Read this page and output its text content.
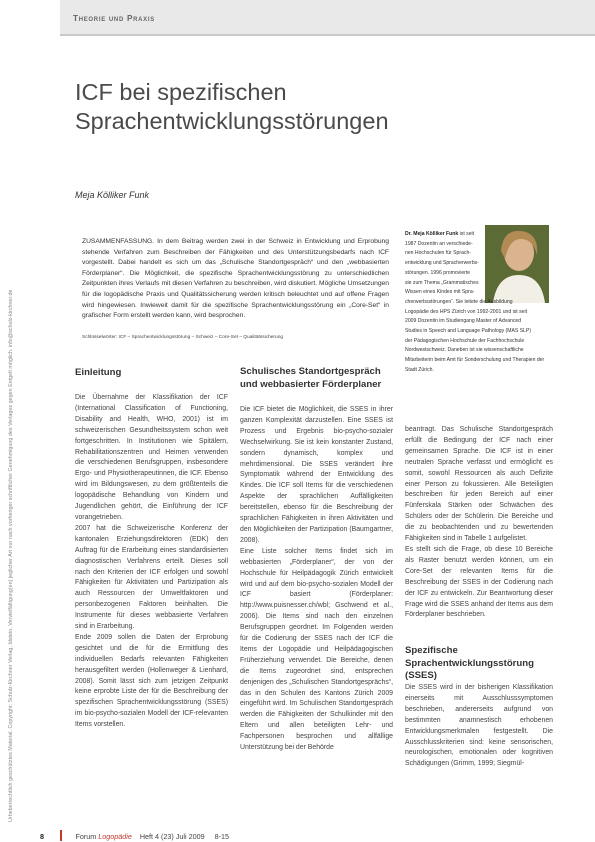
Urheberrechtlich geschütztes Material. Copyright: Schulz-Kirchner Verlag, Idstein. Vervielfältigung(en) jeglicher Art nur nach vorheriger schriftlicher Genehmigung des Verlages gegen Entgelt möglich. info@schulz-kirchner.de
Theorie und Praxis
ICF bei spezifischen
Sprachentwicklungsstörungen
Meja Kölliker Funk
ZUSAMMENFASSUNG. In dem Beitrag werden zwei in der Schweiz in Entwicklung und Erprobung stehende Verfahren zum Beschreiben der Fähigkeiten und des Unterstützungsbedarfs nach ICF vorgestellt. Dabei handelt es sich um das „Schulische Standortgespräch“ und den „webbasierten Förderplaner“. Die Möglichkeit, die spezifische Sprachentwicklungsstörung zu unterschiedlichen Zeitpunkten ihres Verlaufs mit diesen Verfahren zu beschreiben, wird diskutiert. Mögliche Umsetzungen für die logopädische Praxis und Qualitätssicherung werden kritisch beleuchtet und auf offene Fragen wird hingewiesen. Inwieweit damit für die spezifische Sprachentwicklungsstörung ein „Core-Set“ in grafischer Form erstellt werden kann, wird besprochen.
Schlüsselwörter: ICF – Sprachentwicklungsstörung – Schweiz – Core-Set – Qualitätssicherung
Dr. Meja Kölliker Funk ist seit
1987 Dozentin an verschiede-
nen Hochschulen für Sprach-
entwicklung und Spracherwerbs-
störungen. 1996 promovierte
sie zum Thema „Grammatisches
Wissen eines Kindes mit Spra-
cherwerbsstörungen“. Sie leitete die Ausbildung
Logopädie des HPS Zürich von 1992-2001 und ist seit
2009 Dozentin im Studiengang Master of Advanced
Studies in Speech and Language Pathology (MAS SLP)
der Pädagogischen Hochschule der Fachhochschule
Nordwestschweiz. Daneben ist sie wissenschaftliche
Mitarbeiterin beim Amt für Sonderschulung und Therapien der Stadt Zürich.
Einleitung

Die Übernahme der Klassifikation der ICF (International Classification of Functioning, Disability and Health, WHO, 2001) ist im schweizerischen Gesundheitssystem schon weit fortgeschritten. In Institutionen wie Spitälern, Rehabilitationszentren und Heimen verwenden die verschiedenen Berufsgruppen, insbesondere Ergo- und Physiotherapeutinnen, die ICF. Ebenso wird im Bildungswesen, zu dem größtenteils die logopädische Behandlung von Kindern und Jugendlichen gehört, die Einführung der ICF vorangetrieben.

2007 hat die Schweizerische Konferenz der kantonalen Erziehungsdirektoren (EDK) den Auftrag für die Erarbeitung eines standardisierten diagnostischen Verfahrens erteilt. Dieses soll nach den Kriterien der ICF erfolgen und sowohl Fähigkeiten für Aktivitäten und Partizipation als auch Ressourcen der Umweltfaktoren und personbezogenen Faktoren beinhalten. Die Instrumente für dieses webbasierte Verfahren sind in Erarbeitung.

Ende 2009 sollen die Daten der Erprobung gesichtet und die für die Ermittlung des individuellen Bedarfs relevanten Fähigkeiten herausgefiltert werden (Hollenweger & Lienhard, 2008). Somit lässt sich zum jetzigen Zeitpunkt keine erprobte Liste der für die Beschreibung der spezifischen Sprachentwicklungsstörung (SSES) im bio-psycho-sozialen Modell der ICF-relevanten Items vorstellen.

Schulisches Standortgespräch und webbasierter Förderplaner

Die ICF bietet die Möglichkeit, die SSES in ihrer ganzen Komplexität darzustellen. Eine SSES ist Prozess und Ergebnis bio-psycho-sozialer Wechselwirkung. Sie ist kein konstanter Zustand, sondern dynamisch, komplex und mehrdimensional. Die SSES verändert ihre Symptomatik während der Entwicklung des Kindes. Die ICF soll Items für die verschiedenen Aspekte der sprachlichen Auffälligkeiten bereitstellen, ebenso für die Beschreibung der sprachlichen Fähigkeiten in ihren Aktivitäten und den Möglichkeiten der Partizipation (Baumgartner, 2008).

Eine Liste solcher Items findet sich im webbasierten „Förderplaner“, der von der Hochschule für Heilpädagogik Zürich entwickelt wird und auf dem bio-psycho-sozialen Modell der ICF basiert (Förderplaner: http://www.puisnesser.ch/wbl; Gschwend et al., 2006). Die Items sind nach den einzelnen Berufsgruppen geordnet. Im Folgenden werden für die Codierung der SSES nach der ICF die Items der Logopädie und Heilpädagogischen Früherziehung verwendet. Die Bereiche, denen die Items zugeordnet sind, entsprechen denjenigen des „Schulischen Standortgesprächs“, das in den Schulen des Kantons Zürich 2009 eingeführt wird. Im Schulischen Standortgespräch werden die Fähigkeiten der Schulkinder mit den Eltern und allen beteiligten Lehr- und Fachpersonen besprochen und allfällige Unterstützung bei der Behörde

beantragt. Das Schulische Standortgespräch erfüllt die Bedingung der ICF nach einer gemeinsamen Sprache. Die ICF ist in einer neutralen Sprache verfasst und ermöglicht es somit, sowohl Ressourcen als auch Defizite einer Person zu fokussieren. Alle Beteiligten beschreiben für jeden Bereich auf einer Fünferskala Stärken oder Schwächen des Schülers oder der Schülerin. Die Bereiche und die zu beobachtenden und zu bewertenden Fähigkeiten sind in Tabelle 1 aufgelistet.

Es stellt sich die Frage, ob diese 10 Bereiche als Raster benutzt werden können, um ein Core-Set der relevanten Items für die Beschreibung der SSES in der Codierung nach der ICF zu entwickeln. Zur Beantwortung dieser Frage wird die SSES anhand der Items aus dem Förderplaner beschrieben.

Spezifische Sprachentwicklungsstörung (SSES)

Die SSES wird in der bisherigen Klassifikation einerseits mit Ausschlusssymptomen beschrieben, andererseits aufgrund von bestimmten anamnestisch erhobenen Entwicklungsmerkmalen festgestellt. Die Ausschlusskriterien sind: keine sensorischen, neurologischen, emotionalen oder kognitiven Schädigungen (Grimm, 1999; Siegmül-

8	Forum Logopädie Heft 4 (23) Juli 2009 8-15
